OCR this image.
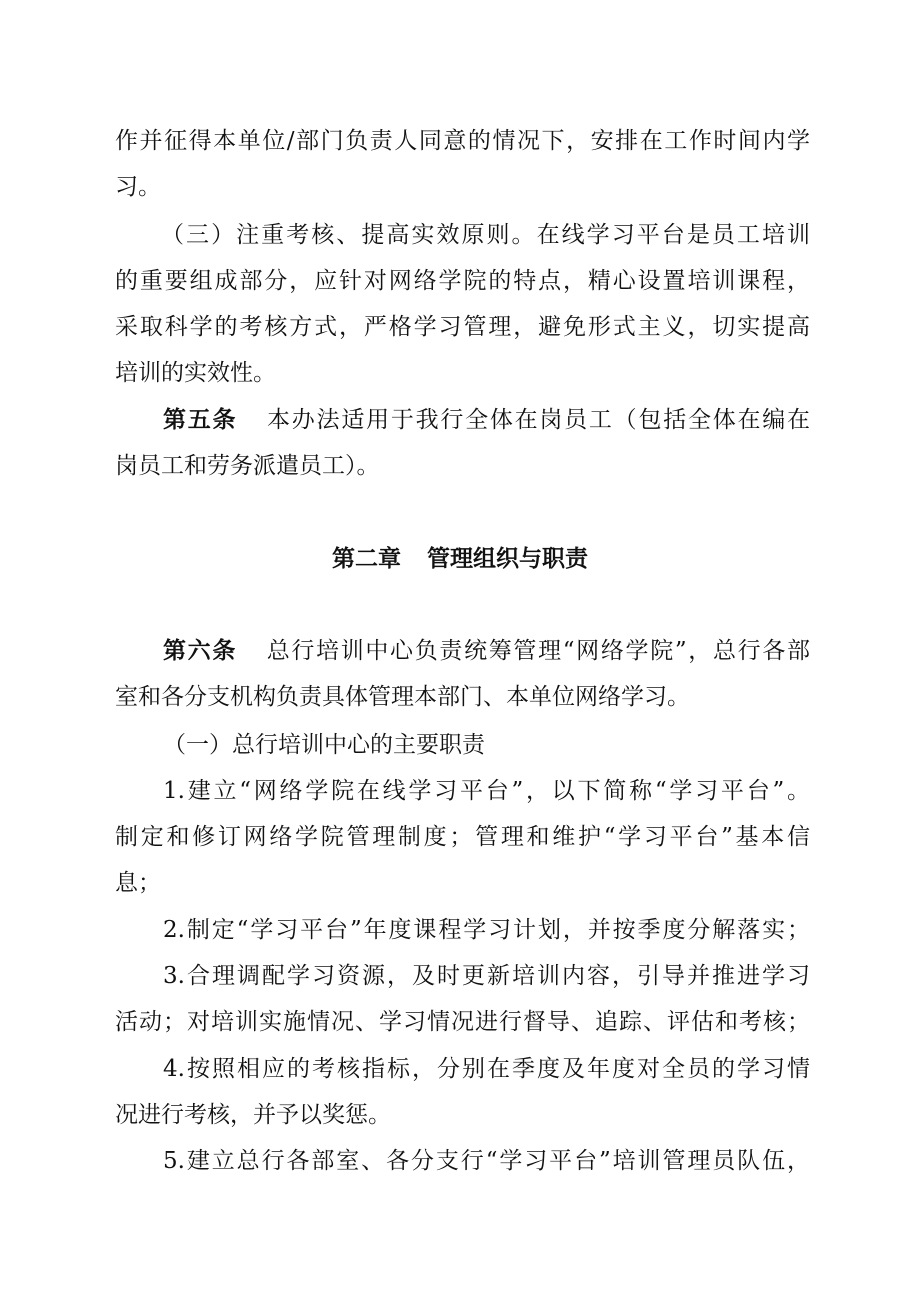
作并征得本单位/部门负责人同意的情况下，安排在工作时间内学
习。
（三）注重考核、提高实效原则。在线学习平台是员工培训
的重要组成部分，应针对网络学院的特点，精心设置培训课程，
采取科学的考核方式，严格学习管理，避免形式主义，切实提高
培训的实效性。
第五条 本办法适用于我行全体在岗员工（包括全体在编在
岗员工和劳务派遣员工）。
第二章 管理组织与职责
第六条 总行培训中心负责统筹管理“网络学院”，总行各部
室和各分支机构负责具体管理本部门、本单位网络学习。
（一）总行培训中心的主要职责
1.建立“网络学院在线学习平台”，以下简称“学习平台”。
制定和修订网络学院管理制度；管理和维护“学习平台”基本信
息；
2.制定“学习平台”年度课程学习计划，并按季度分解落实；
3.合理调配学习资源，及时更新培训内容，引导并推进学习
活动；对培训实施情况、学习情况进行督导、追踪、评估和考核；
4.按照相应的考核指标，分别在季度及年度对全员的学习情
况进行考核，并予以奖惩。
5.建立总行各部室、各分支行“学习平台”培训管理员队伍，
